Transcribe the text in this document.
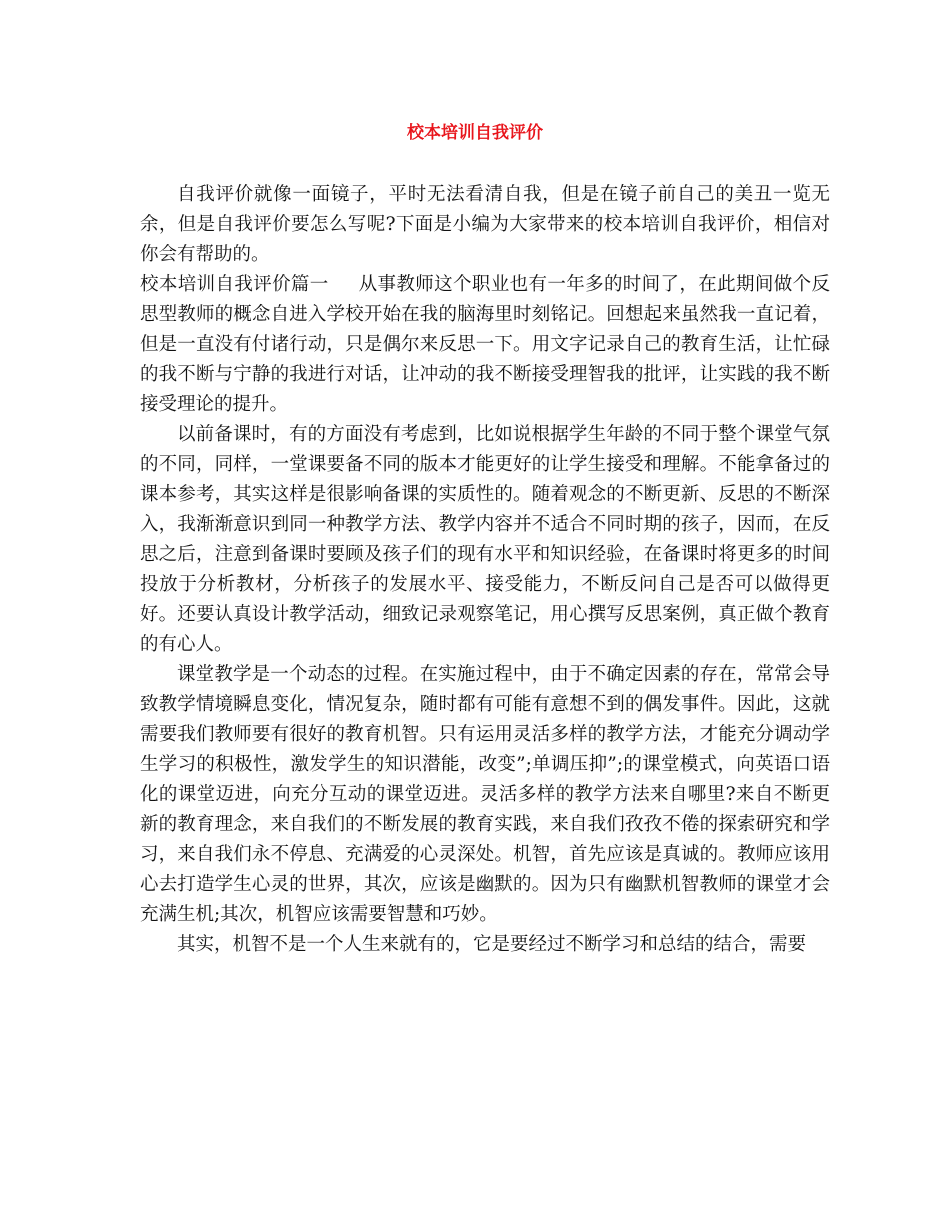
校本培训自我评价

自我评价就像一面镜子，平时无法看清自我，但是在镜子前自己的美丑一览无余，但是自我评价要怎么写呢?下面是小编为大家带来的校本培训自我评价，相信对你会有帮助的。

校本培训自我评价篇一 从事教师这个职业也有一年多的时间了，在此期间做个反思型教师的概念自进入学校开始在我的脑海里时刻铭记。回想起来虽然我一直记着，但是一直没有付诸行动，只是偶尔来反思一下。用文字记录自己的教育生活，让忙碌的我不断与宁静的我进行对话，让冲动的我不断接受理智我的批评，让实践的我不断接受理论的提升。

以前备课时，有的方面没有考虑到，比如说根据学生年龄的不同于整个课堂气氛的不同，同样，一堂课要备不同的版本才能更好的让学生接受和理解。不能拿备过的课本参考，其实这样是很影响备课的实质性的。随着观念的不断更新、反思的不断深入，我渐渐意识到同一种教学方法、教学内容并不适合不同时期的孩子，因而，在反思之后，注意到备课时要顾及孩子们的现有水平和知识经验，在备课时将更多的时间投放于分析教材，分析孩子的发展水平、接受能力，不断反问自己是否可以做得更好。还要认真设计教学活动，细致记录观察笔记，用心撰写反思案例，真正做个教育的有心人。

课堂教学是一个动态的过程。在实施过程中，由于不确定因素的存在，常常会导致教学情境瞬息变化，情况复杂，随时都有可能有意想不到的偶发事件。因此，这就需要我们教师要有很好的教育机智。只有运用灵活多样的教学方法，才能充分调动学生学习的积极性，激发学生的知识潜能，改变”;单调压抑”;的课堂模式，向英语口语化的课堂迈进，向充分互动的课堂迈进。灵活多样的教学方法来自哪里?来自不断更新的教育理念，来自我们的不断发展的教育实践，来自我们孜孜不倦的探索研究和学习，来自我们永不停息、充满爱的心灵深处。机智，首先应该是真诚的。教师应该用心去打造学生心灵的世界，其次，应该是幽默的。因为只有幽默机智教师的课堂才会充满生机;其次，机智应该需要智慧和巧妙。

其实，机智不是一个人生来就有的，它是要经过不断学习和总结的结合，需要
